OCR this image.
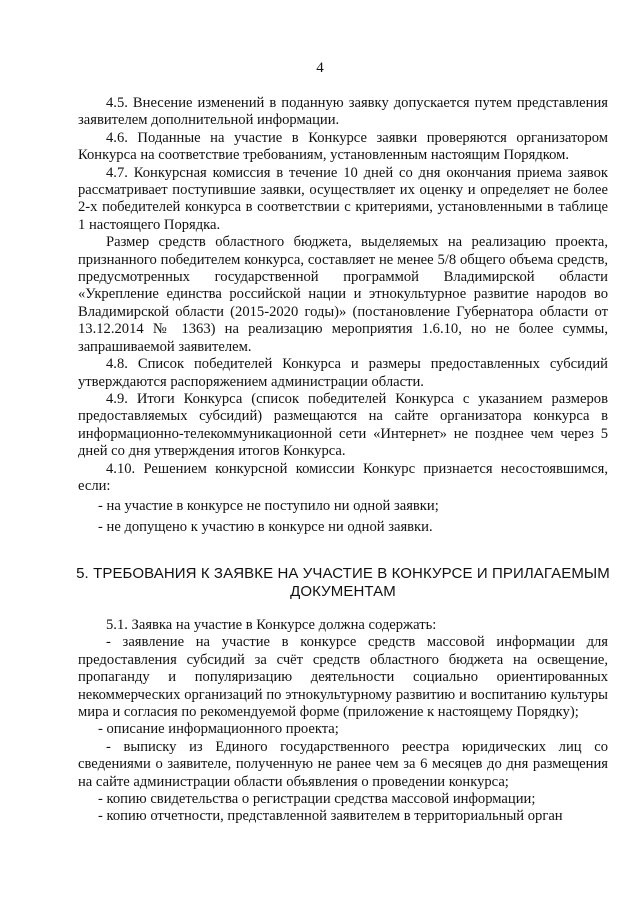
4

4.5. Внесение изменений в поданную заявку допускается путем представления заявителем дополнительной информации.

4.6. Поданные на участие в Конкурсе заявки проверяются организатором Конкурса на соответствие требованиям, установленным настоящим Порядком.

4.7. Конкурсная комиссия в течение 10 дней со дня окончания приема заявок рассматривает поступившие заявки, осуществляет их оценку и определяет не более 2-х победителей конкурса в соответствии с критериями, установленными в таблице 1 настоящего Порядка.

Размер средств областного бюджета, выделяемых на реализацию проекта, признанного победителем конкурса, составляет не менее 5/8 общего объема средств, предусмотренных государственной программой Владимирской области «Укрепление единства российской нации и этнокультурное развитие народов во Владимирской области (2015-2020 годы)» (постановление Губернатора области от 13.12.2014 № 1363) на реализацию мероприятия 1.6.10, но не более суммы, запрашиваемой заявителем.

4.8. Список победителей Конкурса и размеры предоставленных субсидий утверждаются распоряжением администрации области.

4.9. Итоги Конкурса (список победителей Конкурса с указанием размеров предоставляемых субсидий) размещаются на сайте организатора конкурса в информационно-телекоммуникационной сети «Интернет» не позднее чем через 5 дней со дня утверждения итогов Конкурса.

4.10. Решением конкурсной комиссии Конкурс признается несостоявшимся, если:

- на участие в конкурсе не поступило ни одной заявки;

- не допущено к участию в конкурсе ни одной заявки.

5. ТРЕБОВАНИЯ К ЗАЯВКЕ НА УЧАСТИЕ В КОНКУРСЕ И ПРИЛАГАЕМЫМ ДОКУМЕНТАМ

5.1. Заявка на участие в Конкурсе должна содержать:

- заявление на участие в конкурсе средств массовой информации для предоставления субсидий за счёт средств областного бюджета на освещение, пропаганду и популяризацию деятельности социально ориентированных некоммерческих организаций по этнокультурному развитию и воспитанию культуры мира и согласия по рекомендуемой форме (приложение к настоящему Порядку);

- описание информационного проекта;

- выписку из Единого государственного реестра юридических лиц со сведениями о заявителе, полученную не ранее чем за 6 месяцев до дня размещения на сайте администрации области объявления о проведении конкурса;

- копию свидетельства о регистрации средства массовой информации;

- копию отчетности, представленной заявителем в территориальный орган
